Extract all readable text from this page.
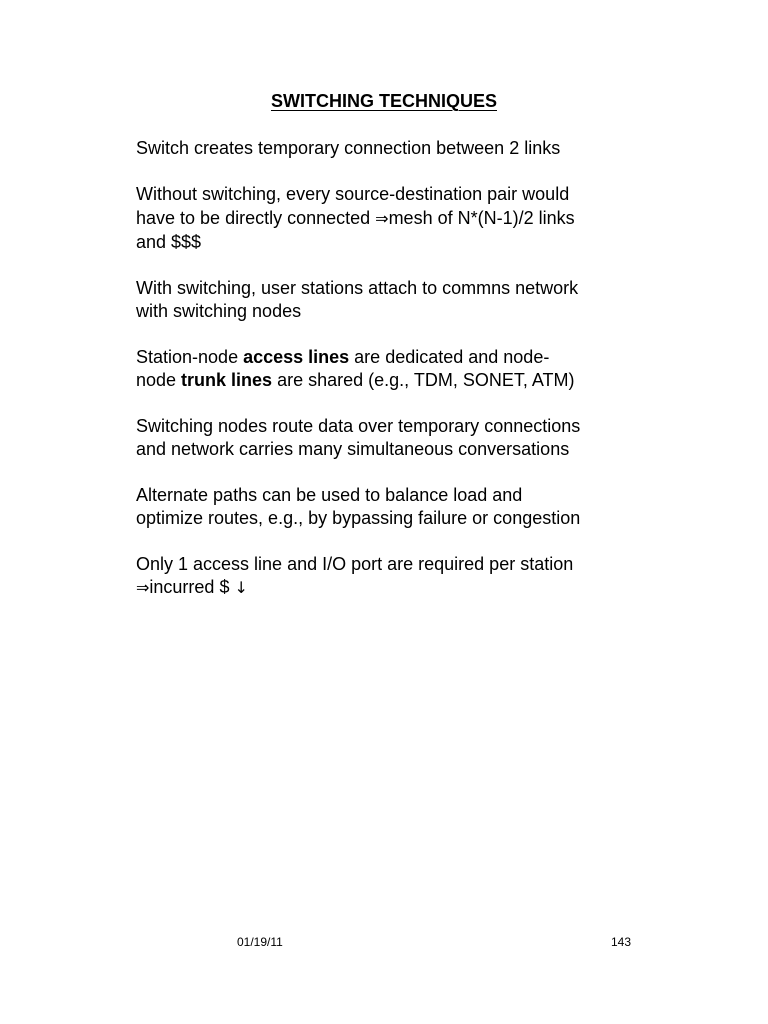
SWITCHING TECHNIQUES

Switch creates temporary connection between 2 links

Without switching, every source-destination pair would
have to be directly connected ⇒mesh of N*(N-1)/2 links
and $$$

With switching, user stations attach to commns network
with switching nodes

Station-node access lines are dedicated and node-
node trunk lines are shared (e.g., TDM, SONET, ATM)

Switching nodes route data over temporary connections
and network carries many simultaneous conversations

Alternate paths can be used to balance load and
optimize routes, e.g., by bypassing failure or congestion

Only 1 access line and I/O port are required per station
⇒incurred $ ↓

01/19/11	143
